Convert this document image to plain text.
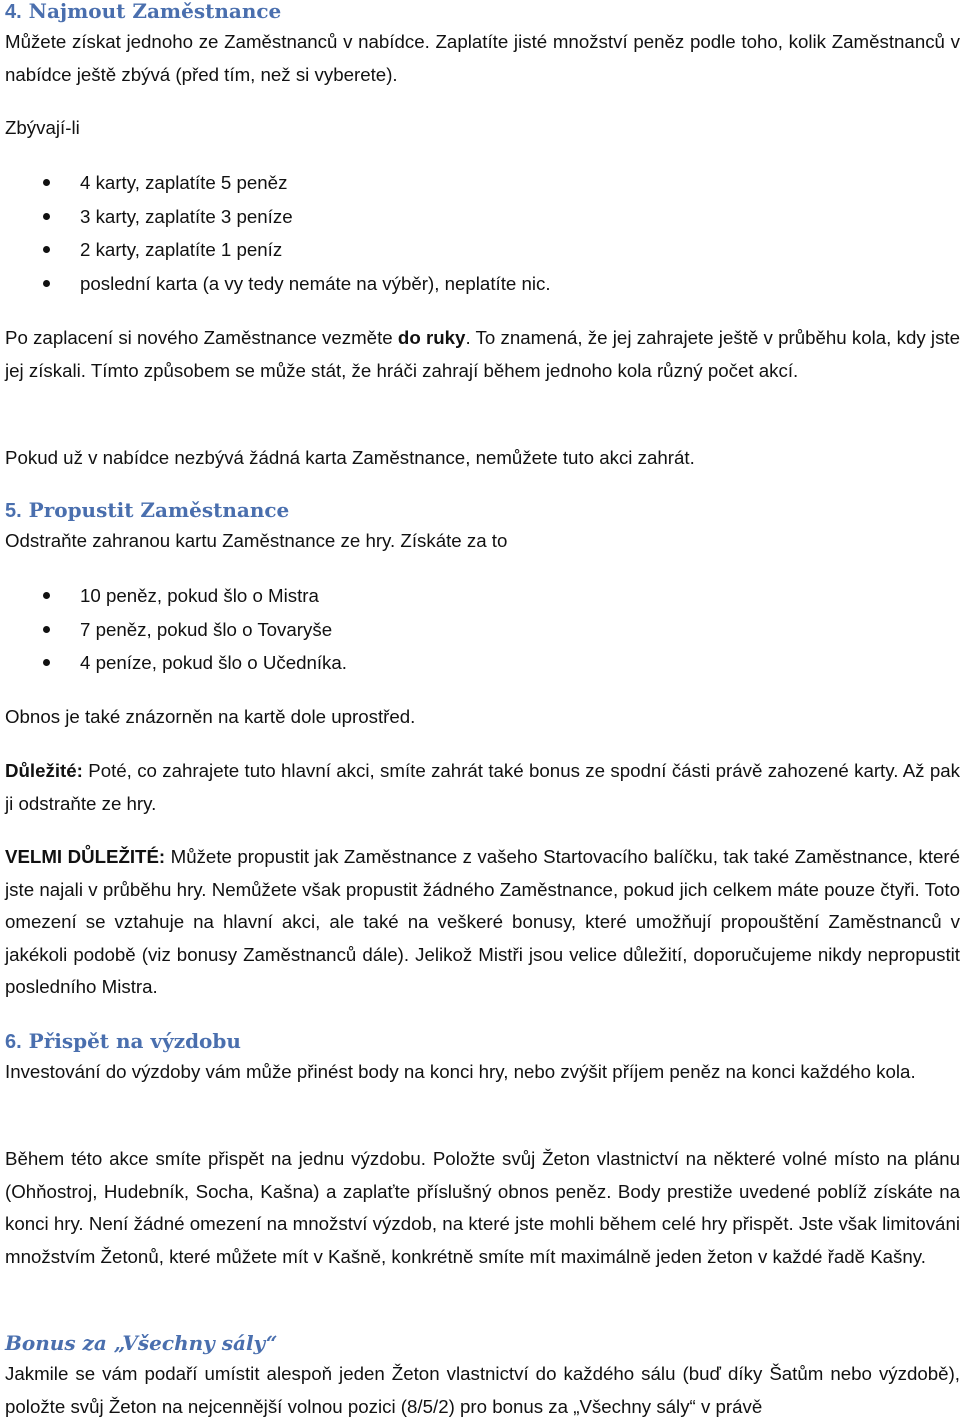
4. Najmout Zaměstnance

Můžete získat jednoho ze Zaměstnanců v nabídce. Zaplatíte jisté množství peněz podle toho, kolik Zaměstnanců v nabídce ještě zbývá (před tím, než si vyberete).

Zbývají-li

4 karty, zaplatíte 5 peněz
3 karty, zaplatíte 3 peníze
2 karty, zaplatíte 1 peníz
poslední karta (a vy tedy nemáte na výběr), neplatíte nic.

Po zaplacení si nového Zaměstnance vezměte do ruky. To znamená, že jej zahrajete ještě v průběhu kola, kdy jste jej získali. Tímto způsobem se může stát, že hráči zahrají během jednoho kola různý počet akcí.

Pokud už v nabídce nezbývá žádná karta Zaměstnance, nemůžete tuto akci zahrát.

5. Propustit Zaměstnance

Odstraňte zahranou kartu Zaměstnance ze hry. Získáte za to

10 peněz, pokud šlo o Mistra
7 peněz, pokud šlo o Tovaryše
4 peníze, pokud šlo o Učedníka.

Obnos je také znázorněn na kartě dole uprostřed.

Důležité: Poté, co zahrajete tuto hlavní akci, smíte zahrát také bonus ze spodní části právě zahozené karty. Až pak ji odstraňte ze hry.

VELMI DŮLEŽITÉ: Můžete propustit jak Zaměstnance z vašeho Startovacího balíčku, tak také Zaměstnance, které jste najali v průběhu hry. Nemůžete však propustit žádného Zaměstnance, pokud jich celkem máte pouze čtyři. Toto omezení se vztahuje na hlavní akci, ale také na veškeré bonusy, které umožňují propouštění Zaměstnanců v jakékoli podobě (viz bonusy Zaměstnanců dále). Jelikož Mistři jsou velice důležití, doporučujeme nikdy nepropustit posledního Mistra.

6. Přispět na výzdobu

Investování do výzdoby vám může přinést body na konci hry, nebo zvýšit příjem peněz na konci každého kola.

Během této akce smíte přispět na jednu výzdobu. Položte svůj Žeton vlastnictví na některé volné místo na plánu (Ohňostroj, Hudebník, Socha, Kašna) a zaplaťte příslušný obnos peněz. Body prestiže uvedené poblíž získáte na konci hry. Není žádné omezení na množství výzdob, na které jste mohli během celé hry přispět. Jste však limitováni množstvím Žetonů, které můžete mít v Kašně, konkrétně smíte mít maximálně jeden žeton v každé řadě Kašny.

Bonus za „Všechny sály“

Jakmile se vám podaří umístit alespoň jeden Žeton vlastnictví do každého sálu (buď díky Šatům nebo výzdobě), položte svůj Žeton na nejcennější volnou pozici (8/5/2) pro bonus za „Všechny sály“ v právě
